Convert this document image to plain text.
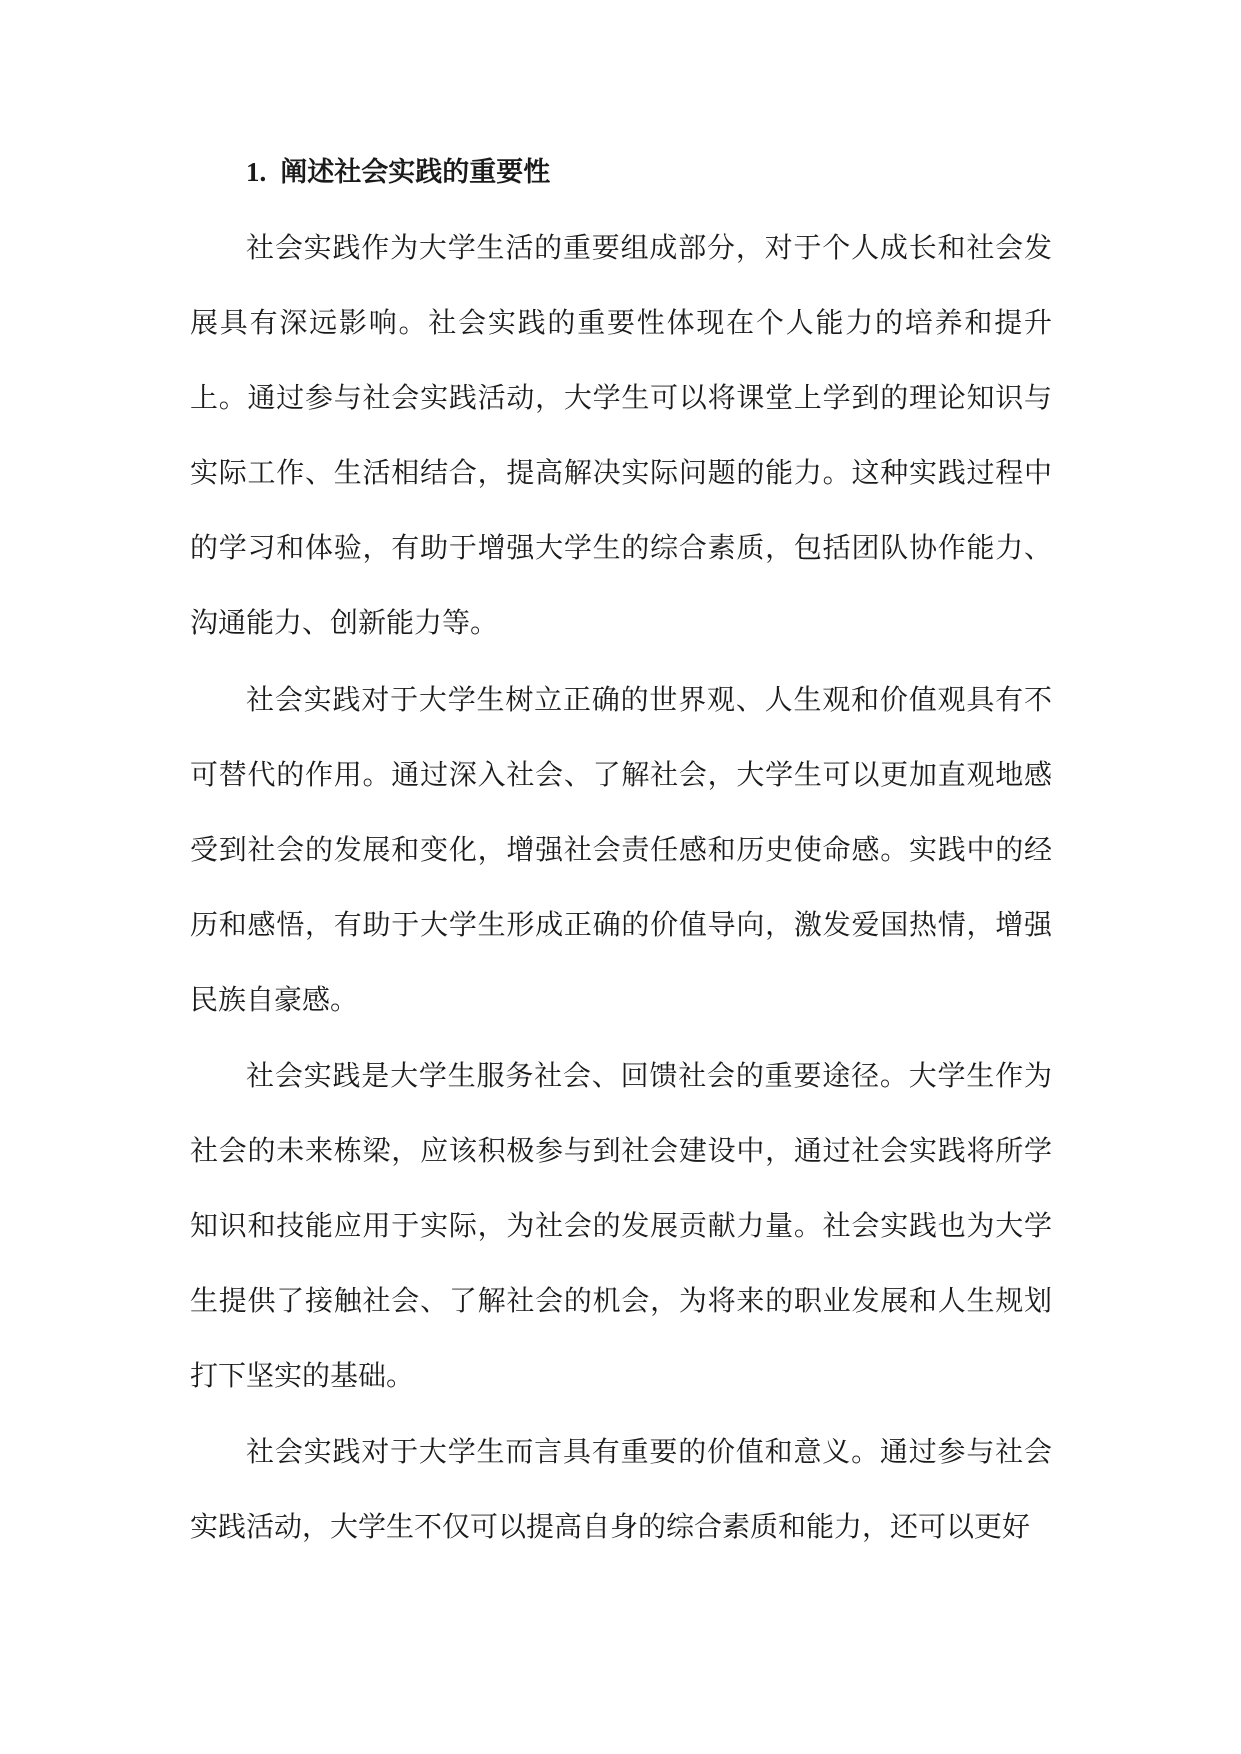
1. 阐述社会实践的重要性

社会实践作为大学生活的重要组成部分，对于个人成长和社会发展具有深远影响。社会实践的重要性体现在个人能力的培养和提升上。通过参与社会实践活动，大学生可以将课堂上学到的理论知识与实际工作、生活相结合，提高解决实际问题的能力。这种实践过程中的学习和体验，有助于增强大学生的综合素质，包括团队协作能力、沟通能力、创新能力等。

社会实践对于大学生树立正确的世界观、人生观和价值观具有不可替代的作用。通过深入社会、了解社会，大学生可以更加直观地感受到社会的发展和变化，增强社会责任感和历史使命感。实践中的经历和感悟，有助于大学生形成正确的价值导向，激发爱国热情，增强民族自豪感。

社会实践是大学生服务社会、回馈社会的重要途径。大学生作为社会的未来栋梁，应该积极参与到社会建设中，通过社会实践将所学知识和技能应用于实际，为社会的发展贡献力量。社会实践也为大学生提供了接触社会、了解社会的机会，为将来的职业发展和人生规划打下坚实的基础。

社会实践对于大学生而言具有重要的价值和意义。通过参与社会实践活动，大学生不仅可以提高自身的综合素质和能力，还可以更好
